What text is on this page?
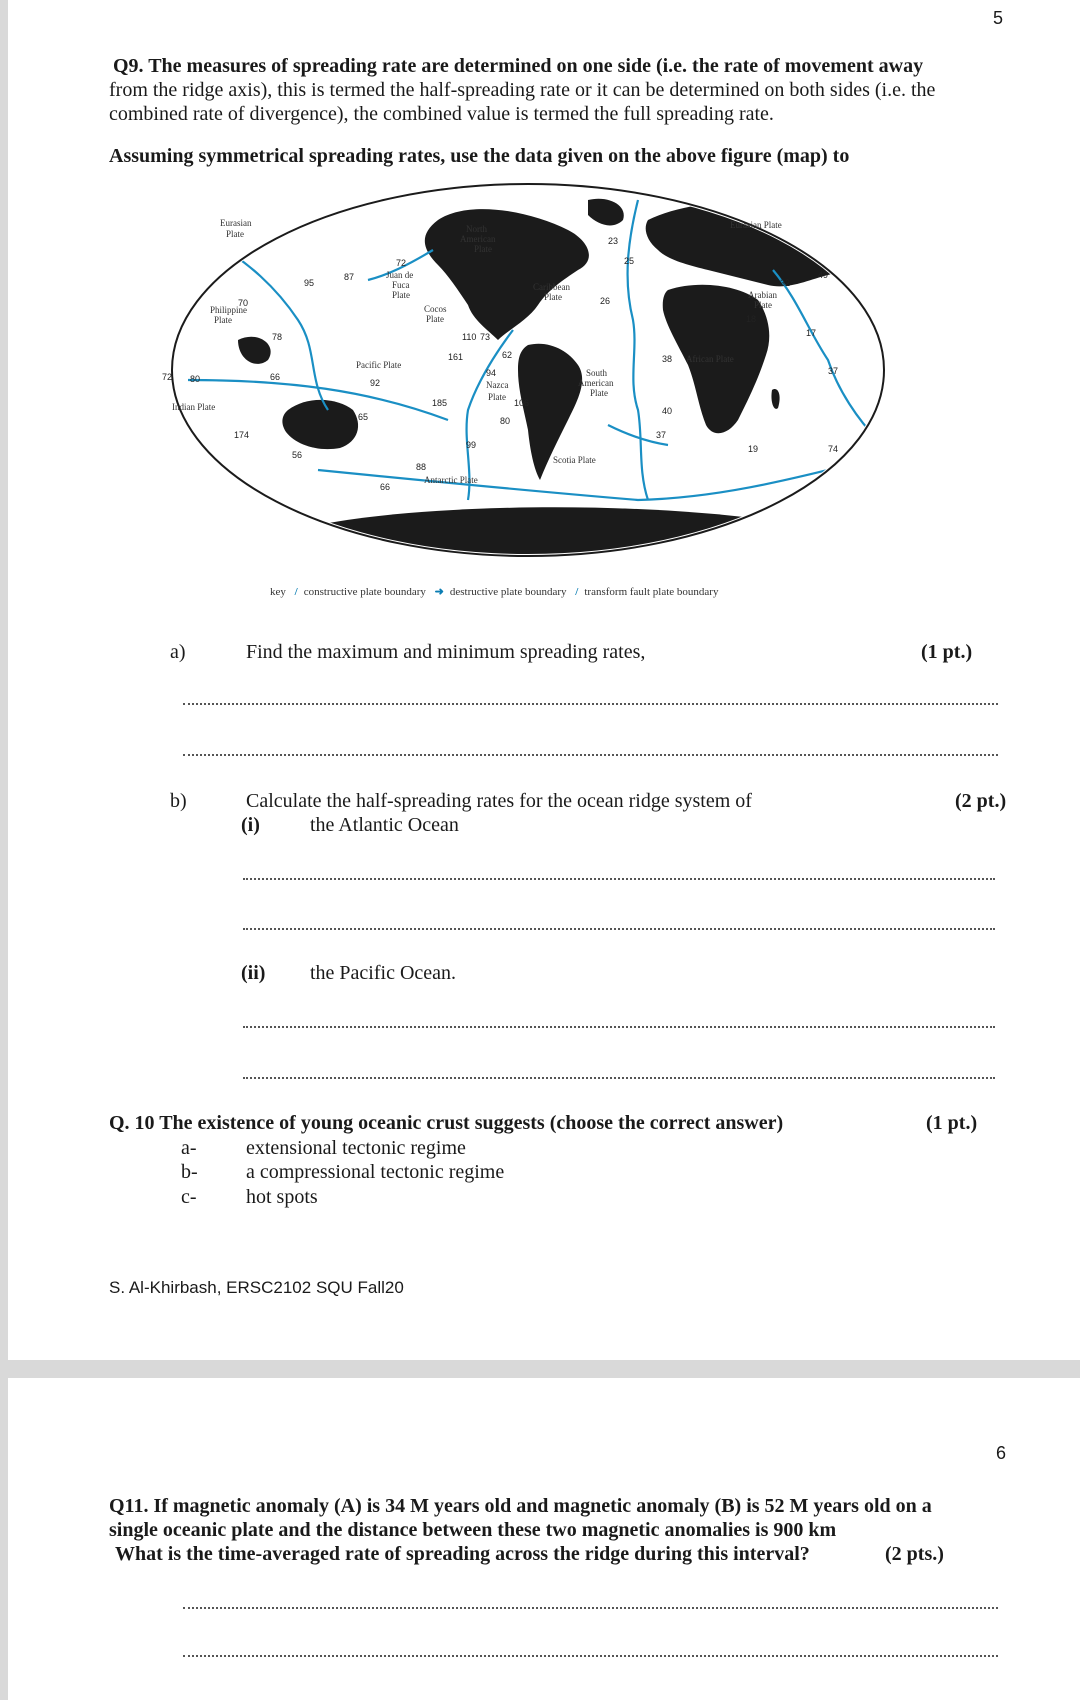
5
Q9. The measures of spreading rate are determined on one side (i.e. the rate of movement away
from the ridge axis), this is termed the half-spreading rate or it can be determined on both sides (i.e. the
combined rate of divergence), the combined value is termed the full spreading rate.
Assuming symmetrical spreading rates, use the data given on the above figure (map) to
Eurasian
Plate	North
American
Plate
Eurasian Plate
Philippine
Plate
Juan de
Fuca
Plate
Caribbean
Plate	Arabian
Plate
Cocos
Plate
Pacific Plate
African Plate
Nazca
Plate
South
American
Plate
Indian Plate
Scotia Plate
Antarctic Plate
23
25
72
95
87
26
49
32
70
78	110 73
18
17
161	62	38
72 80	66
92
94
185	106
37
65
40
174
80
37
99	19	74
56
88
66
key / constructive plate boundary ➜ destructive plate boundary / transform fault plate boundary
a)	Find the maximum and minimum spreading rates,	(1 pt.)
b)	Calculate the half-spreading rates for the ocean ridge system of	(2 pt.)
(i)	the Atlantic Ocean
(ii) the Pacific Ocean.
Q. 10 The existence of young oceanic crust suggests (choose the correct answer)	(1 pt.)
a- extensional tectonic regime
b- a compressional tectonic regime
c- hot spots
S. Al-Khirbash, ERSC2102 SQU Fall20
6
Q11. If magnetic anomaly (A) is 34 M years old and magnetic anomaly (B) is 52 M years old on a
single oceanic plate and the distance between these two magnetic anomalies is 900 km
What is the time-averaged rate of spreading across the ridge during this interval?	(2 pts.)
